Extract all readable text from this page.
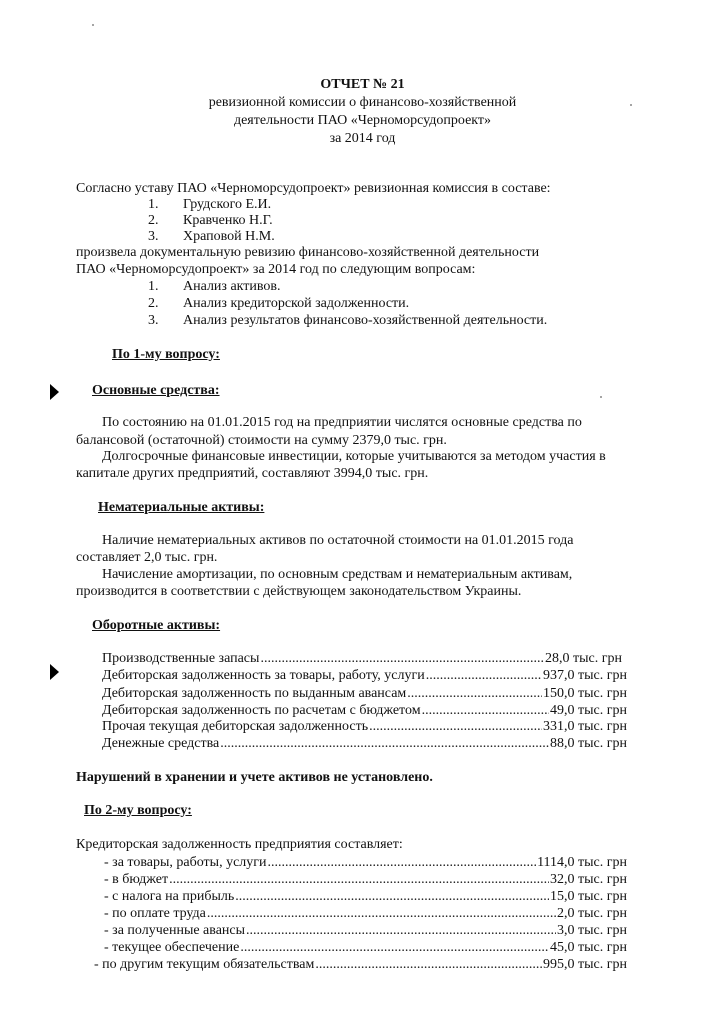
ОТЧЕТ № 21
ревизионной комиссии о финансово-хозяйственной
деятельности ПАО «Черноморсудопроект»
за 2014 год
Согласно уставу ПАО «Черноморсудопроект» ревизионная комиссия в составе:
1. Грудского Е.И.
2. Кравченко Н.Г.
3. Храповой Н.М.
произвела документальную ревизию финансово-хозяйственной деятельности
ПАО «Черноморсудопроект» за 2014 год по следующим вопросам:
1. Анализ активов.
2. Анализ кредиторской задолженности.
3. Анализ результатов финансово-хозяйственной деятельности.
По 1-му вопросу:
Основные средства:
По состоянию на 01.01.2015 год на предприятии числятся основные средства по
балансовой (остаточной) стоимости на сумму 2379,0 тыс. грн.
Долгосрочные финансовые инвестиции, которые учитываются за методом участия в
капитале других предприятий, составляют 3994,0 тыс. грн.
Нематериальные активы:
Наличие нематериальных активов по остаточной стоимости на 01.01.2015 года
составляет 2,0 тыс. грн.
Начисление амортизации, по основным средствам и нематериальным активам,
производится в соответствии с действующем законодательством Украины.
Оборотные активы:
Производственные запасы .....	28,0 тыс. грн
Дебиторская задолженность за товары, работу, услуги .....	937,0 тыс. грн
Дебиторская задолженность по выданным авансам .....	150,0 тыс. грн
Дебиторская задолженность по расчетам с бюджетом .....	49,0 тыс. грн
Прочая текущая дебиторская задолженность .....	331,0 тыс. грн
Денежные средства .....	88,0 тыс. грн
Нарушений в хранении и учете активов не установлено.
По 2-му вопросу:
Кредиторская задолженность предприятия составляет:
- за товары, работы, услуги .....	1114,0 тыс. грн
- в бюджет .....	32,0 тыс. грн
- с налога на прибыль .....	15,0 тыс. грн
- по оплате труда .....	2,0 тыс. грн
- за полученные авансы .....	3,0 тыс. грн
- текущее обеспечение .....	45,0 тыс. грн
- по другим текущим обязательствам .....	995,0 тыс. грн
